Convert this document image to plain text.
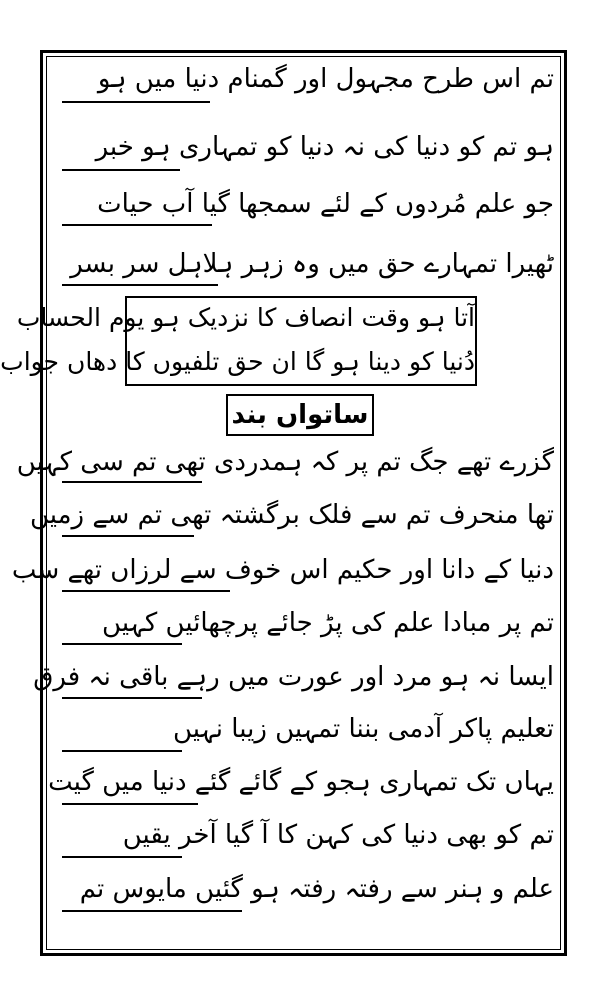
تم اس طرح مجہول اور گمنام دنیا میں ہو
ہو تم کو دنیا کی نہ دنیا کو تمہاری ہو خبر
جو علم مُردوں کے لئے سمجھا گیا آب حیات
ٹھیرا تمہارے حق میں وہ زہر ہلاہل سر بسر
آتا ہو وقت انصاف کا نزدیک ہو یوم الحساب
دُنیا کو دینا ہو گا ان حق تلفیوں کا دھاں جواب
ساتواں بند
گزرے تھے جگ تم پر کہ ہمدردی تھی تم سی کہیں
تھا منحرف تم سے فلک برگشتہ تھی تم سے زمیں
دنیا کے دانا اور حکیم اس خوف سے لرزاں تھے سب
تم پر مبادا علم کی پڑ جائے پرچھائیں کہیں
ایسا نہ ہو مرد اور عورت میں رہے باقی نہ فرق
تعلیم پاکر آدمی بننا تمہیں زیبا نہیں
یہاں تک تمہاری ہجو کے گائے گئے دنیا میں گیت
تم کو بھی دنیا کی کہن کا آ گیا آخر یقیں
علم و ہنر سے رفتہ رفتہ ہو گئیں مایوس تم
